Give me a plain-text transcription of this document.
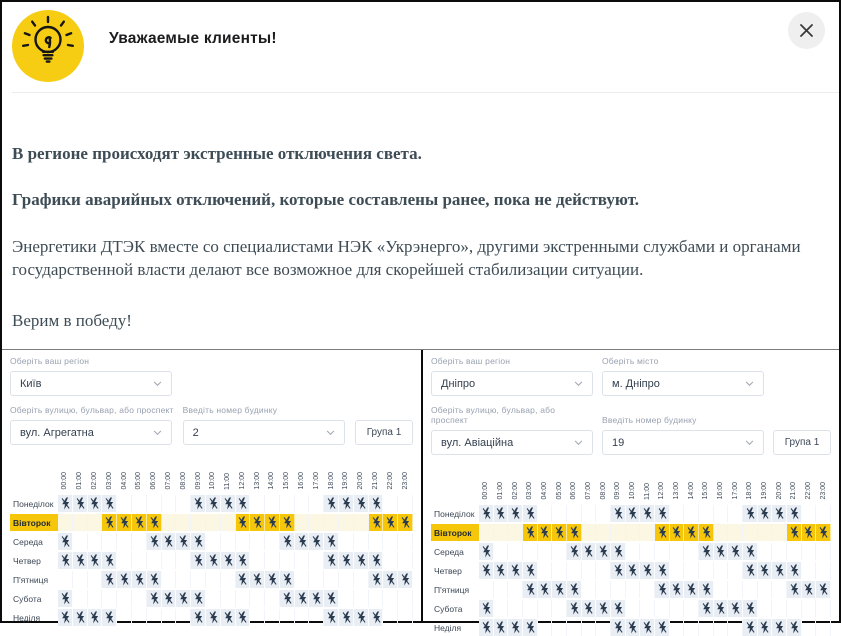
Уважаемые клиенты!

В регионе происходят экстренные отключения света.

Графики аварийных отключений, которые составлены ранее, пока не действуют.

Энергетики ДТЭК вместе со специалистами НЭК «Укрэнерго», другими экстренными службами и органами государственной власти делают все возможное для скорейшей стабилизации ситуации.

Верим в победу!

Оберіть ваш регіон
Київ
Оберіть вулицю, бульвар, або проспект
вул. Агрегатна
Введіть номер будинку
2	Група 1
00:00 01:00 02:00 03:00 04:00 05:00 06:00 07:00 08:00 09:00 10:00 11:00 12:00 13:00 14:00 15:00 16:00 17:00 18:00 19:00 20:00 21:00 22:00 23:00
Понеділок
Вівторок
Середа
Четвер
П'ятниця
Субота
Неділя
Оберіть ваш регіон
Дніпро
Оберіть місто
м. Дніпро
Оберіть вулицю, бульвар, або проспект
вул. Авіаційна
Введіть номер будинку
19	Група 1
00:00 01:00 02:00 03:00 04:00 05:00 06:00 07:00 08:00 09:00 10:00 11:00 12:00 13:00 14:00 15:00 16:00 17:00 18:00 19:00 20:00 21:00 22:00 23:00
Понеділок
Вівторок
Середа
Четвер
П'ятниця
Субота
Неділя
